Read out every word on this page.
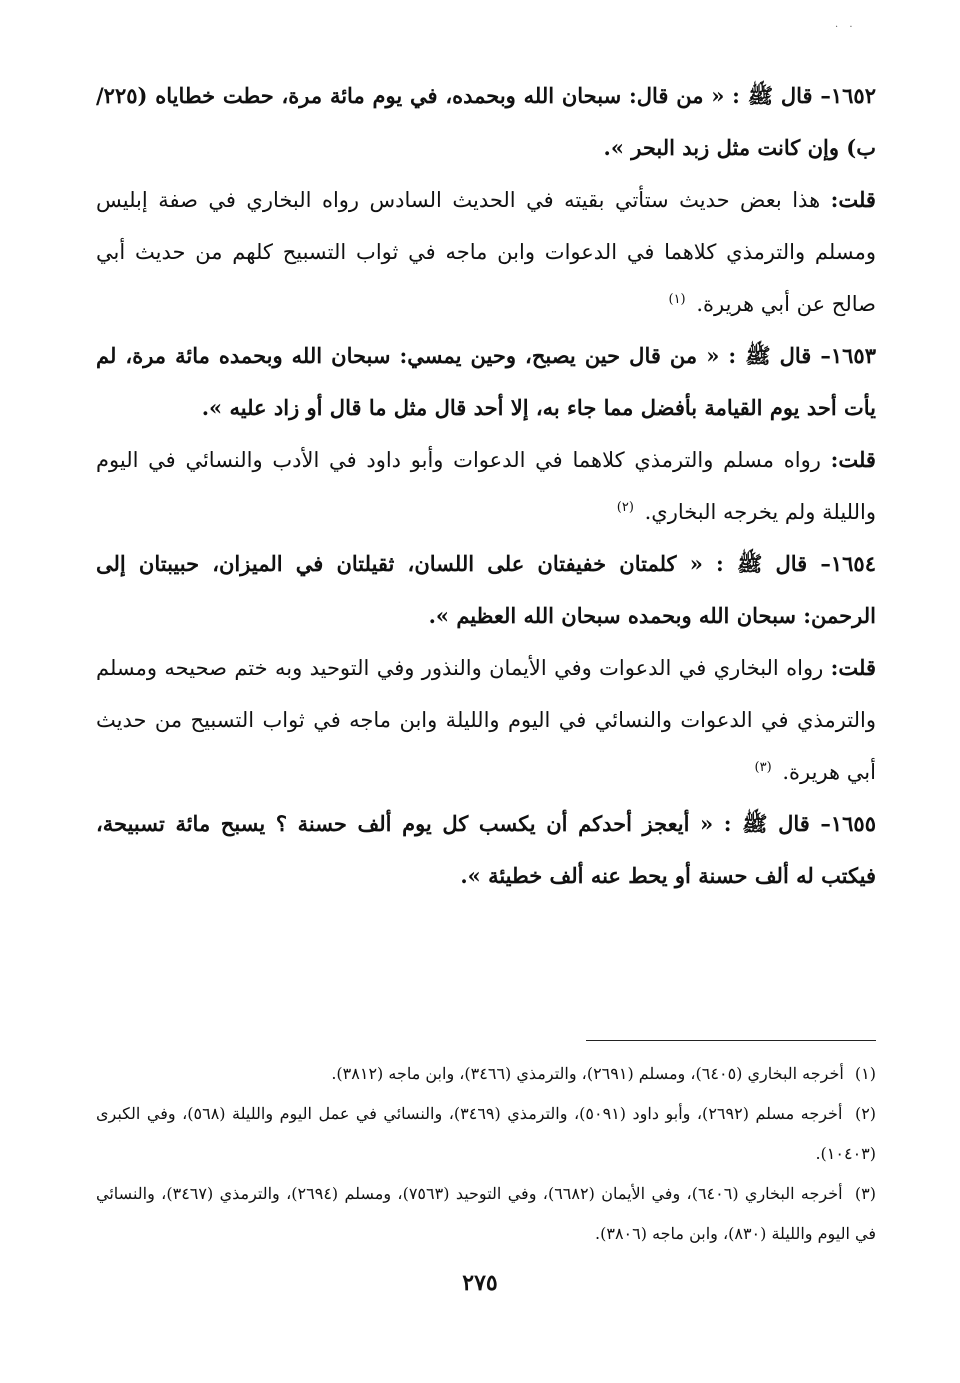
· ·

١٦٥٢– قال ﷺ : « من قال: سبحان الله وبحمده، في يوم مائة مرة، حطت خطاياه (٢٢٥/ب) وإن كانت مثل زبد البحر ».

قلت: هذا بعض حديث ستأتي بقيته في الحديث السادس رواه البخاري في صفة إبليس ومسلم والترمذي كلاهما في الدعوات وابن ماجه في ثواب التسبيح كلهم من حديث أبي صالح عن أبي هريرة. $^{(١)}$

١٦٥٣– قال ﷺ : « من قال حين يصبح، وحين يمسي: سبحان الله وبحمده مائة مرة، لم يأت أحد يوم القيامة بأفضل مما جاء به، إلا أحد قال مثل ما قال أو زاد عليه ».

قلت: رواه مسلم والترمذي كلاهما في الدعوات وأبو داود في الأدب والنسائي في اليوم والليلة ولم يخرجه البخاري. $^{(٢)}$

١٦٥٤– قال ﷺ : « كلمتان خفيفتان على اللسان، ثقيلتان في الميزان، حبيبتان إلى الرحمن: سبحان الله وبحمده سبحان الله العظيم ».

قلت: رواه البخاري في الدعوات وفي الأيمان والنذور وفي التوحيد وبه ختم صحيحه ومسلم والترمذي في الدعوات والنسائي في اليوم والليلة وابن ماجه في ثواب التسبيح من حديث أبي هريرة. $^{(٣)}$

١٦٥٥– قال ﷺ : « أيعجز أحدكم أن يكسب كل يوم ألف حسنة ؟ يسبح مائة تسبيحة، فيكتب له ألف حسنة أو يحط عنه ألف خطيئة ».

(١) أخرجه البخاري (٦٤٠٥)، ومسلم (٢٦٩١)، والترمذي (٣٤٦٦)، وابن ماجه (٣٨١٢).

(٢) أخرجه مسلم (٢٦٩٢)، وأبو داود (٥٠٩١)، والترمذي (٣٤٦٩)، والنسائي في عمل اليوم والليلة (٥٦٨)، وفي الكبرى (١٠٤٠٣).

(٣) أخرجه البخاري (٦٤٠٦)، وفي الأيمان (٦٦٨٢)، وفي التوحيد (٧٥٦٣)، ومسلم (٢٦٩٤)، والترمذي (٣٤٦٧)، والنسائي في اليوم والليلة (٨٣٠)، وابن ماجه (٣٨٠٦).

٢٧٥
